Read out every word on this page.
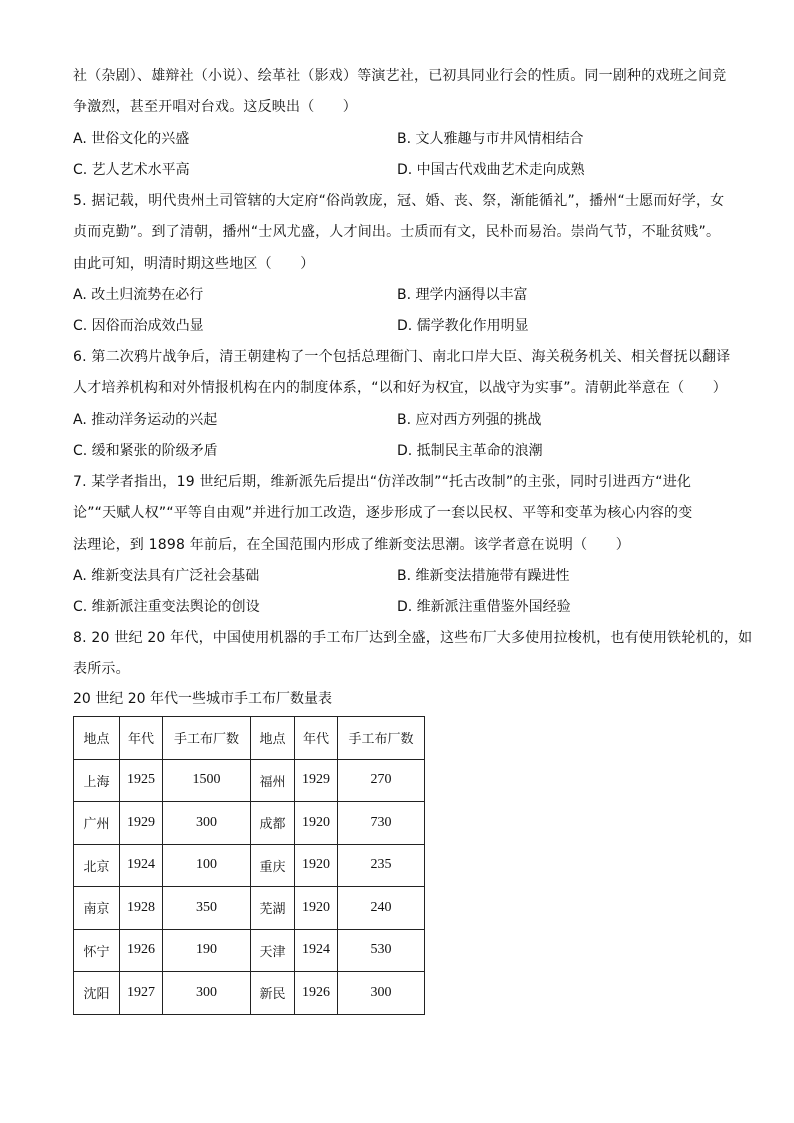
社（杂剧）、雄辩社（小说）、绘革社（影戏）等演艺社，已初具同业行会的性质。同一剧种的戏班之间竞
争激烈，甚至开唱对台戏。这反映出（　　）
A. 世俗文化的兴盛	B. 文人雅趣与市井风情相结合
C. 艺人艺术水平高	D. 中国古代戏曲艺术走向成熟
5. 据记载，明代贵州土司管辖的大定府“俗尚敦庞，冠、婚、丧、祭，渐能循礼”，播州“士愿而好学，女
贞而克勤”。到了清朝，播州“士风尤盛，人才间出。士质而有文，民朴而易治。崇尚气节，不耻贫贱”。
由此可知，明清时期这些地区（　　）
A. 改土归流势在必行	B. 理学内涵得以丰富
C. 因俗而治成效凸显	D. 儒学教化作用明显
6. 第二次鸦片战争后，清王朝建构了一个包括总理衙门、南北口岸大臣、海关税务机关、相关督抚以翻译
人才培养机构和对外情报机构在内的制度体系，“以和好为权宜，以战守为实事”。清朝此举意在（　　）
A. 推动洋务运动的兴起	B. 应对西方列强的挑战
C. 缓和紧张的阶级矛盾	D. 抵制民主革命的浪潮
7. 某学者指出，19 世纪后期，维新派先后提出“仿洋改制”“托古改制”的主张，同时引进西方“进化
论”“天赋人权”“平等自由观”并进行加工改造，逐步形成了一套以民权、平等和变革为核心内容的变
法理论，到 1898 年前后，在全国范围内形成了维新变法思潮。该学者意在说明（　　）
A. 维新变法具有广泛社会基础	B. 维新变法措施带有躁进性
C. 维新派注重变法舆论的创设	D. 维新派注重借鉴外国经验
8. 20 世纪 20 年代，中国使用机器的手工布厂达到全盛，这些布厂大多使用拉梭机，也有使用铁轮机的，如
表所示。
20 世纪 20 年代一些城市手工布厂数量表
地点	年代	手工布厂数	地点	年代	手工布厂数
上海	1925	1500	福州	1929	270
广州	1929	300	成都	1920	730
北京	1924	100	重庆	1920	235
南京	1928	350	芜湖	1920	240
怀宁	1926	190	天津	1924	530
沈阳	1927	300	新民	1926	300
